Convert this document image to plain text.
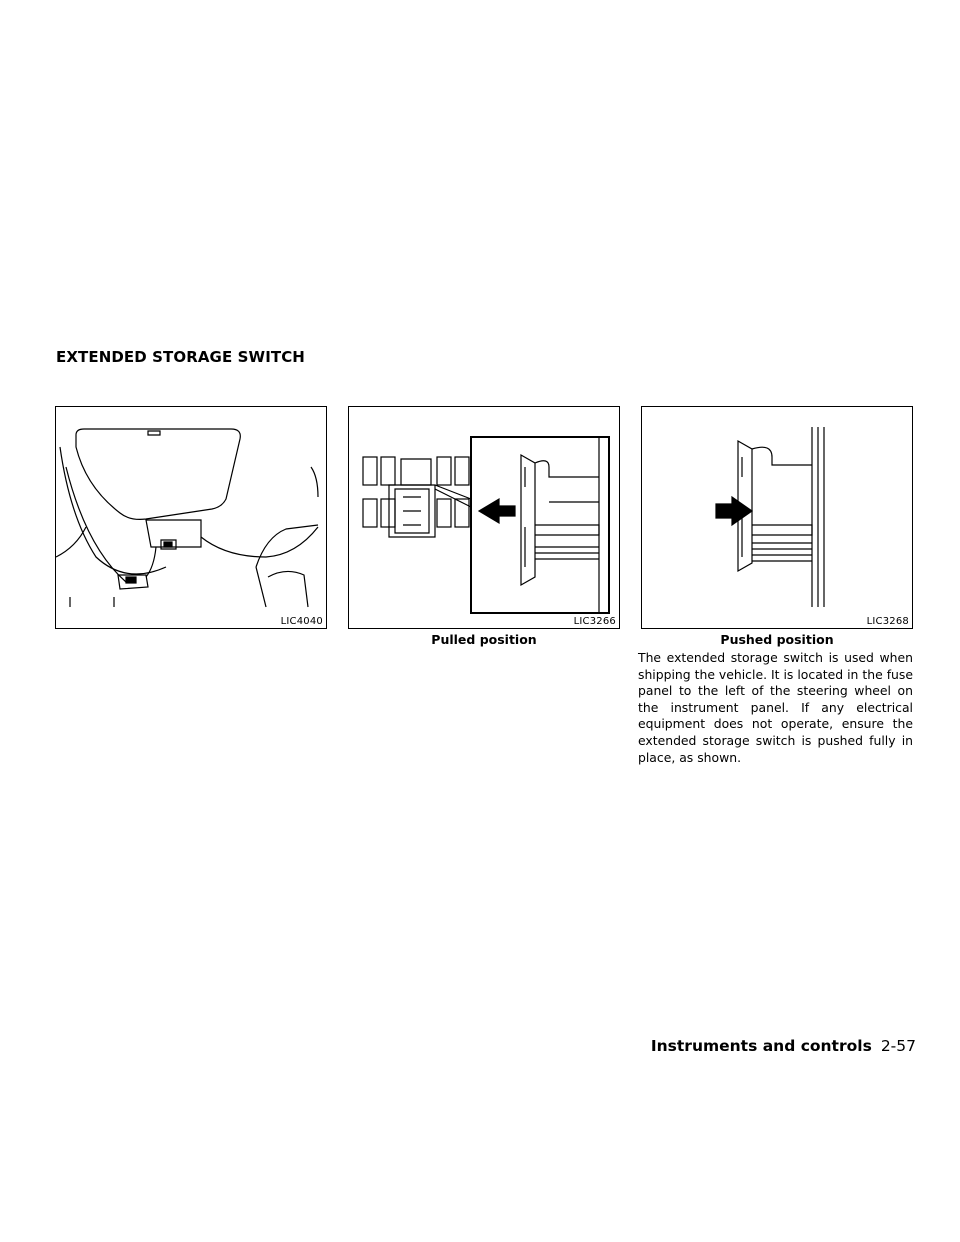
EXTENDED STORAGE SWITCH
LIC4040	LIC3266	LIC3268
Pulled position	Pushed position
The extended storage switch is used when shipping the vehicle. It is located in the fuse panel to the left of the steering wheel on the instrument panel. If any electrical equipment does not operate, ensure the extended storage switch is pushed fully in place, as shown.
Instruments and controls 2-57
